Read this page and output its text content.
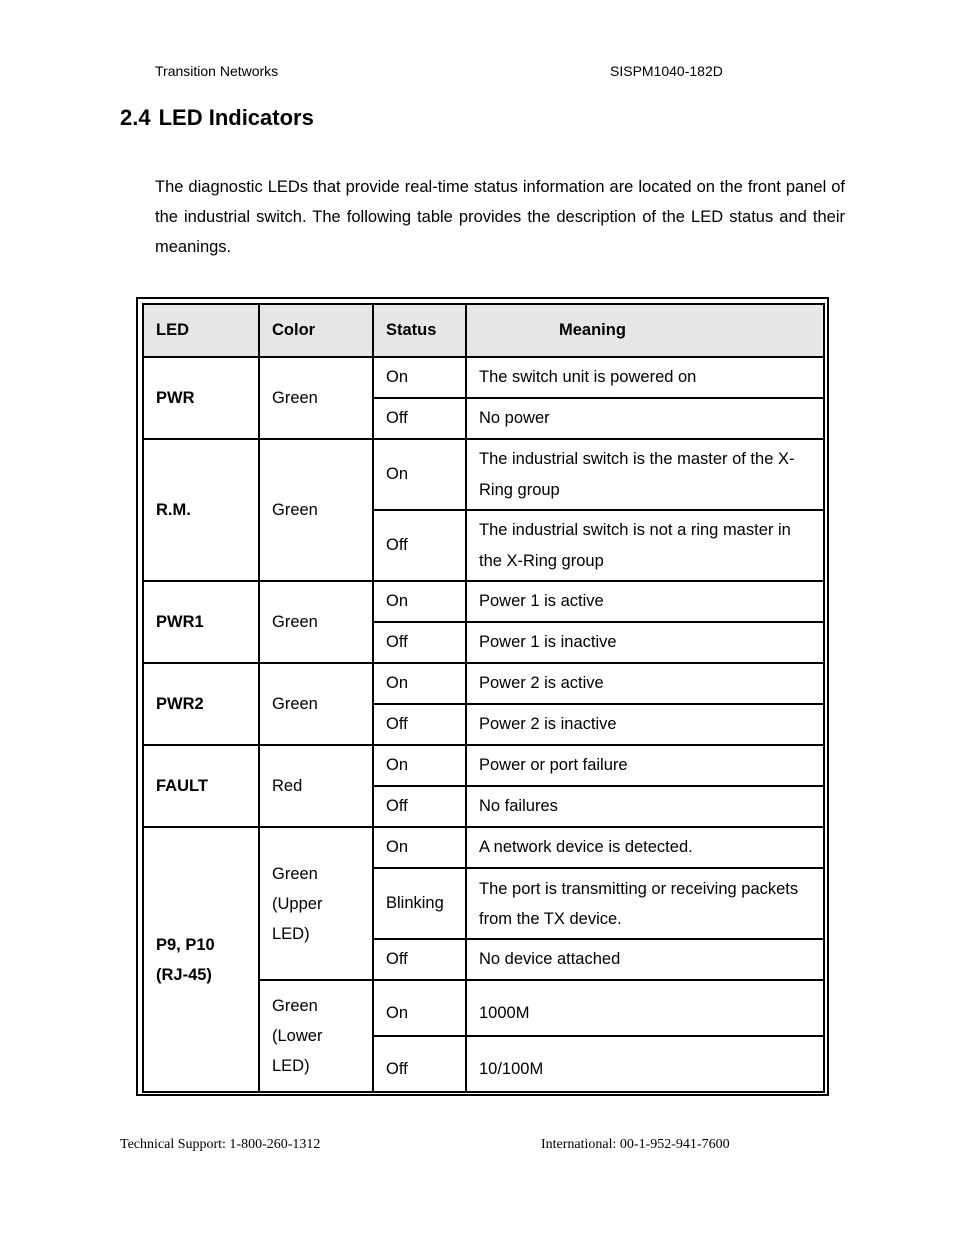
Transition Networks	SISPM1040-182D
2.4 LED Indicators

The diagnostic LEDs that provide real-time status information are located on the front panel of the industrial switch. The following table provides the description of the LED status and their meanings.

LED	Color	Status	Meaning
PWR	Green	On	The switch unit is powered on
		Off	No power
R.M.	Green	On	The industrial switch is the master of the X-Ring group
		Off	The industrial switch is not a ring master in the X-Ring group
PWR1	Green	On	Power 1 is active
		Off	Power 1 is inactive
PWR2	Green	On	Power 2 is active
		Off	Power 2 is inactive
FAULT	Red	On	Power or port failure
		Off	No failures
P9, P10 (RJ-45)	Green (Upper LED)	On	A network device is detected.
		Blinking	The port is transmitting or receiving packets from the TX device.
		Off	No device attached
	Green (Lower LED)	On	1000M
		Off	10/100M
Technical Support: 1-800-260-1312	International: 00-1-952-941-7600
